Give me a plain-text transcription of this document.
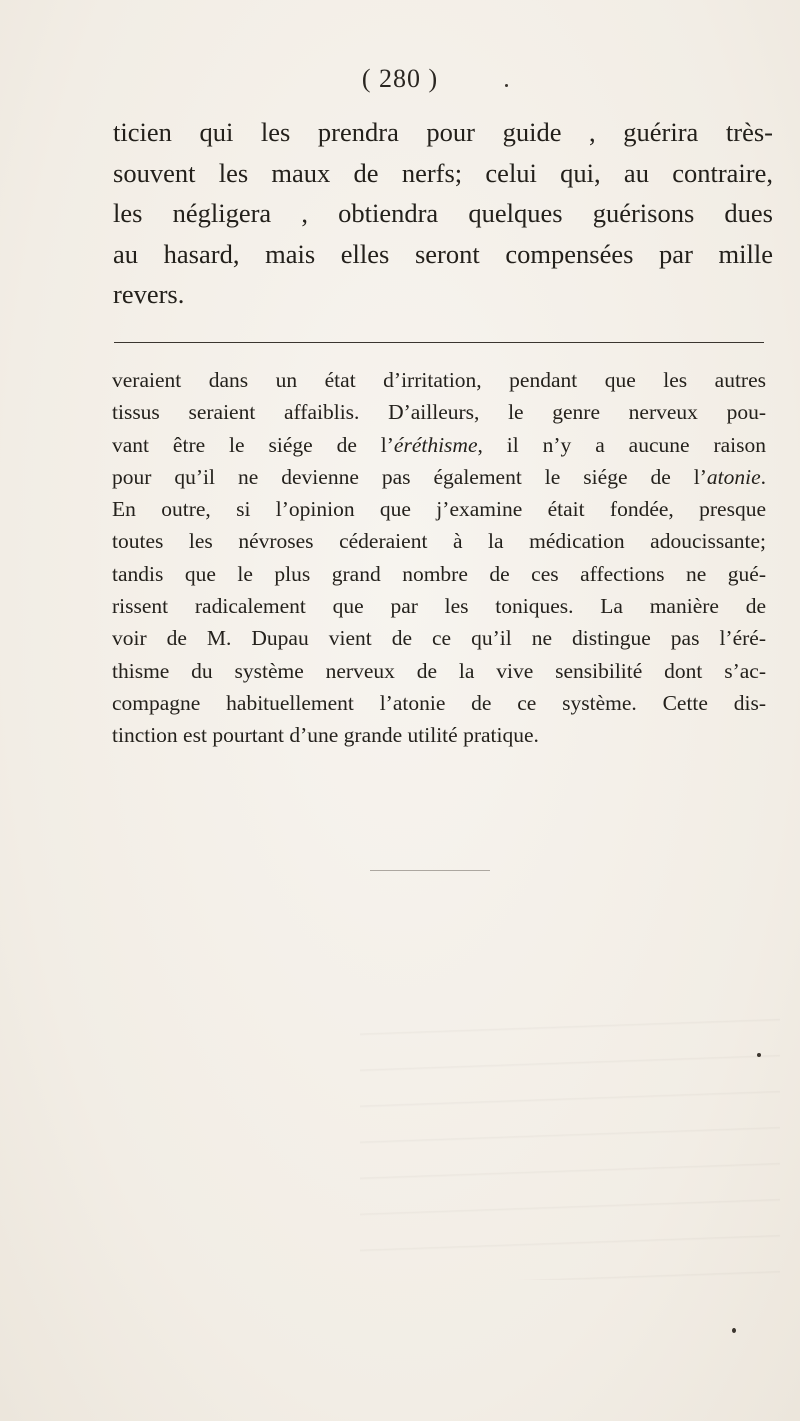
( 280 )
ticien qui les prendra pour guide , guérira très-
souvent les maux de nerfs; celui qui, au contraire,
les négligera , obtiendra quelques guérisons dues
au hasard, mais elles seront compensées par mille
revers.
veraient dans un état d’irritation, pendant que les autres
tissus seraient affaiblis. D’ailleurs, le genre nerveux pou-
vant être le siége de l’éréthisme, il n’y a aucune raison
pour qu’il ne devienne pas également le siége de l’atonie.
En outre, si l’opinion que j’examine était fondée, presque
toutes les névroses céderaient à la médication adoucissante;
tandis que le plus grand nombre de ces affections ne gué-
rissent radicalement que par les toniques. La manière de
voir de M. Dupau vient de ce qu’il ne distingue pas l’éré-
thisme du système nerveux de la vive sensibilité dont s’ac-
compagne habituellement l’atonie de ce système. Cette dis-
tinction est pourtant d’une grande utilité pratique.
